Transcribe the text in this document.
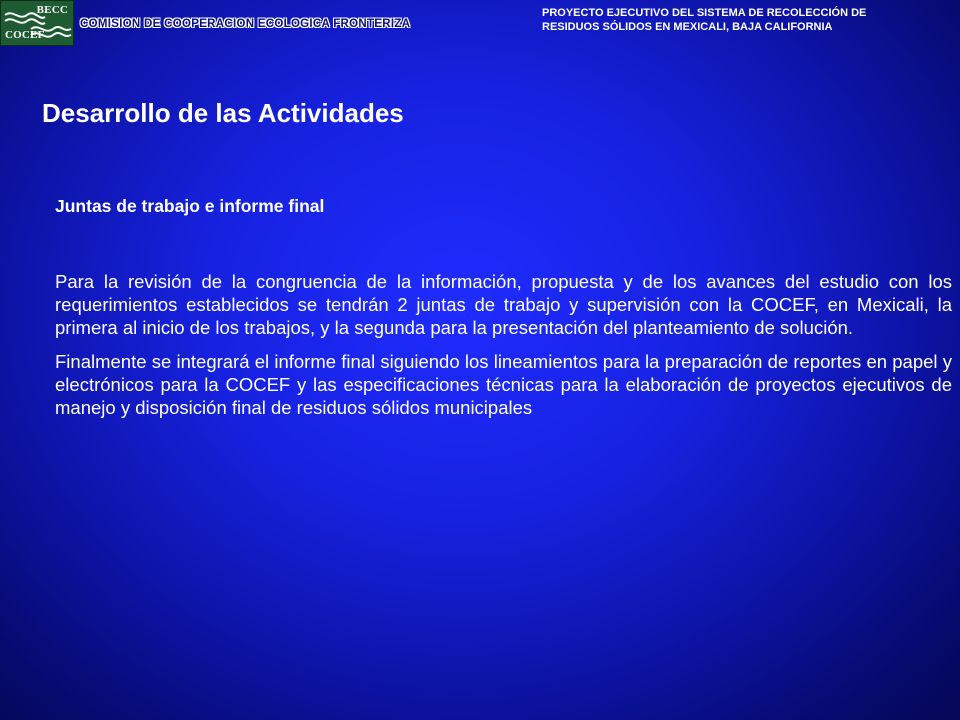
BECC
COCEF
COMISION DE COOPERACION ECOLOGICA FRONTERIZA
PROYECTO EJECUTIVO DEL SISTEMA DE RECOLECCIÓN DE
RESIDUOS SÓLIDOS EN MEXICALI, BAJA CALIFORNIA
Desarrollo de las Actividades
Juntas de trabajo e informe final

Para la revisión de la congruencia de la información, propuesta y de los avances del estudio con los requerimientos establecidos se tendrán 2 juntas de trabajo y supervisión con la COCEF, en Mexicali, la primera al inicio de los trabajos, y la segunda para la presentación del planteamiento de solución.

Finalmente se integrará el informe final siguiendo los lineamientos para la preparación de reportes en papel y electrónicos para la COCEF y las especificaciones técnicas para la elaboración de proyectos ejecutivos de manejo y disposición final de residuos sólidos municipales
